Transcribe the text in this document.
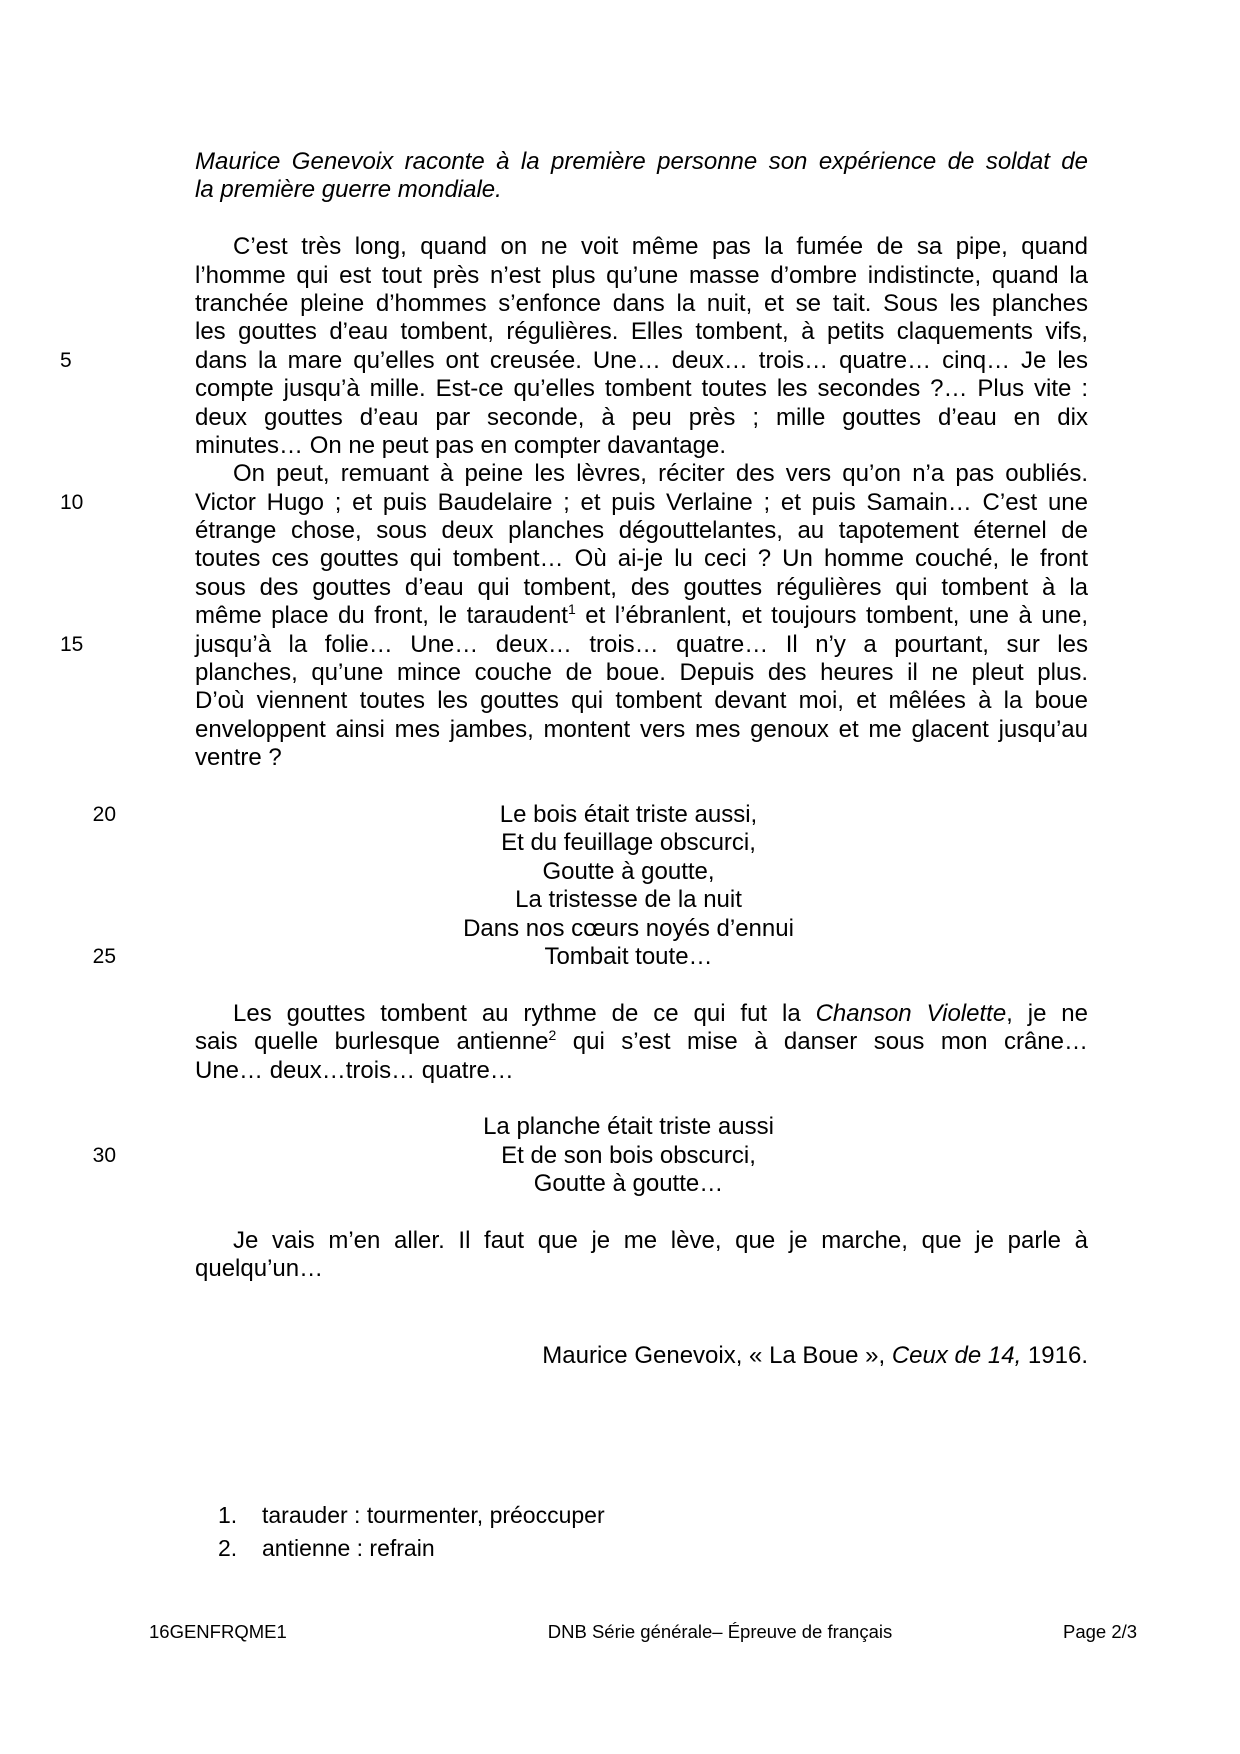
Maurice Genevoix raconte à la première personne son expérience de soldat de
la première guerre mondiale.
C’est très long, quand on ne voit même pas la fumée de sa pipe, quand
l’homme qui est tout près n’est plus qu’une masse d’ombre indistincte, quand la
tranchée pleine d’hommes s’enfonce dans la nuit, et se tait. Sous les planches
les gouttes d’eau tombent, régulières. Elles tombent, à petits claquements vifs,
5	dans la mare qu’elles ont creusée. Une… deux… trois… quatre… cinq… Je les
compte jusqu’à mille. Est-ce qu’elles tombent toutes les secondes ?… Plus vite :
deux gouttes d’eau par seconde, à peu près ; mille gouttes d’eau en dix
minutes… On ne peut pas en compter davantage.
On peut, remuant à peine les lèvres, réciter des vers qu’on n’a pas oubliés.
10	Victor Hugo ; et puis Baudelaire ; et puis Verlaine ; et puis Samain… C’est une
étrange chose, sous deux planches dégouttelantes, au tapotement éternel de
toutes ces gouttes qui tombent… Où ai-je lu ceci ? Un homme couché, le front
sous des gouttes d’eau qui tombent, des gouttes régulières qui tombent à la
même place du front, le taraudent$^1$ et l’ébranlent, et toujours tombent, une à une,
15	jusqu’à la folie… Une… deux… trois… quatre… Il n’y a pourtant, sur les
planches, qu’une mince couche de boue. Depuis des heures il ne pleut plus.
D’où viennent toutes les gouttes qui tombent devant moi, et mêlées à la boue
enveloppent ainsi mes jambes, montent vers mes genoux et me glacent jusqu’au
ventre ?
20	Le bois était triste aussi,
Et du feuillage obscurci,
Goutte à goutte,
La tristesse de la nuit
Dans nos cœurs noyés d’ennui
25	Tombait toute…
Les gouttes tombent au rythme de ce qui fut la Chanson Violette, je ne
sais quelle burlesque antienne$^2$ qui s’est mise à danser sous mon crâne…
Une… deux…trois… quatre…
La planche était triste aussi
30	Et de son bois obscurci,
Goutte à goutte…
Je vais m’en aller. Il faut que je me lève, que je marche, que je parle à
quelqu’un…
Maurice Genevoix, « La Boue », Ceux de 14, 1916.
1.	tarauder : tourmenter, préoccuper
2.	antienne : refrain
16GENFRQME1	DNB Série générale– Épreuve de français	Page 2/3
